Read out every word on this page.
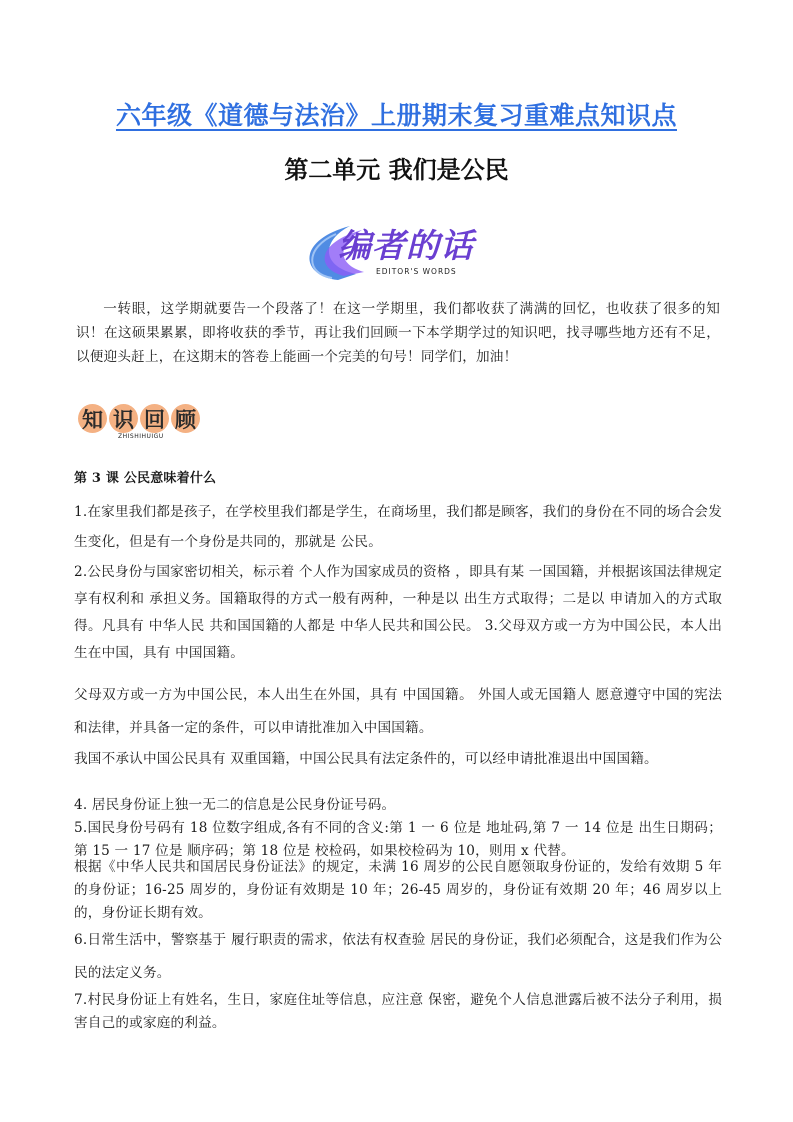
六年级《道德与法治》上册期末复习重难点知识点
第二单元 我们是公民
编者的话
EDITOR'S WORDS
一转眼，这学期就要告一个段落了！在这一学期里，我们都收获了满满的回忆，也收获了很多的知识！在这硕果累累，即将收获的季节，再让我们回顾一下本学期学过的知识吧，找寻哪些地方还有不足，以便迎头赶上，在这期末的答卷上能画一个完美的句号！同学们，加油！
知 识 回 顾
ZHISHIHUIGU
第 3 课 公民意味着什么
1.在家里我们都是孩子，在学校里我们都是学生，在商场里，我们都是顾客，我们的身份在不同的场合会发生变化，但是有一个身份是共同的，那就是 公民。
2.公民身份与国家密切相关，标示着 个人作为国家成员的资格 ，即具有某 一国国籍，并根据该国法律规定 享有权利和 承担义务。国籍取得的方式一般有两种，一种是以 出生方式取得；二是以 申请加入的方式取得。凡具有 中华人民 共和国国籍的人都是 中华人民共和国公民。 3.父母双方或一方为中国公民，本人出生在中国，具有 中国国籍。
父母双方或一方为中国公民，本人出生在外国，具有 中国国籍。 外国人或无国籍人 愿意遵守中国的宪法和法律，并具备一定的条件，可以申请批准加入中国国籍。
我国不承认中国公民具有 双重国籍，中国公民具有法定条件的，可以经申请批准退出中国国籍。
4. 居民身份证上独一无二的信息是公民身份证号码。
5.国民身份号码有 18 位数字组成,各有不同的含义:第 1 一 6 位是 地址码,第 7 一 14 位是 出生日期码；第 15 一 17 位是 顺序码；第 18 位是 校检码，如果校检码为 10，则用 x 代替。
根据《中华人民共和国居民身份证法》的规定，未满 16 周岁的公民自愿领取身份证的，发给有效期 5 年的身份证；16-25 周岁的，身份证有效期是 10 年；26-45 周岁的，身份证有效期 20 年；46 周岁以上的，身份证长期有效。
6.日常生活中，警察基于 履行职责的需求，依法有权查验 居民的身份证，我们必须配合，这是我们作为公民的法定义务。
7.村民身份证上有姓名，生日，家庭住址等信息，应注意 保密，避免个人信息泄露后被不法分子利用，损害自己的或家庭的利益。
